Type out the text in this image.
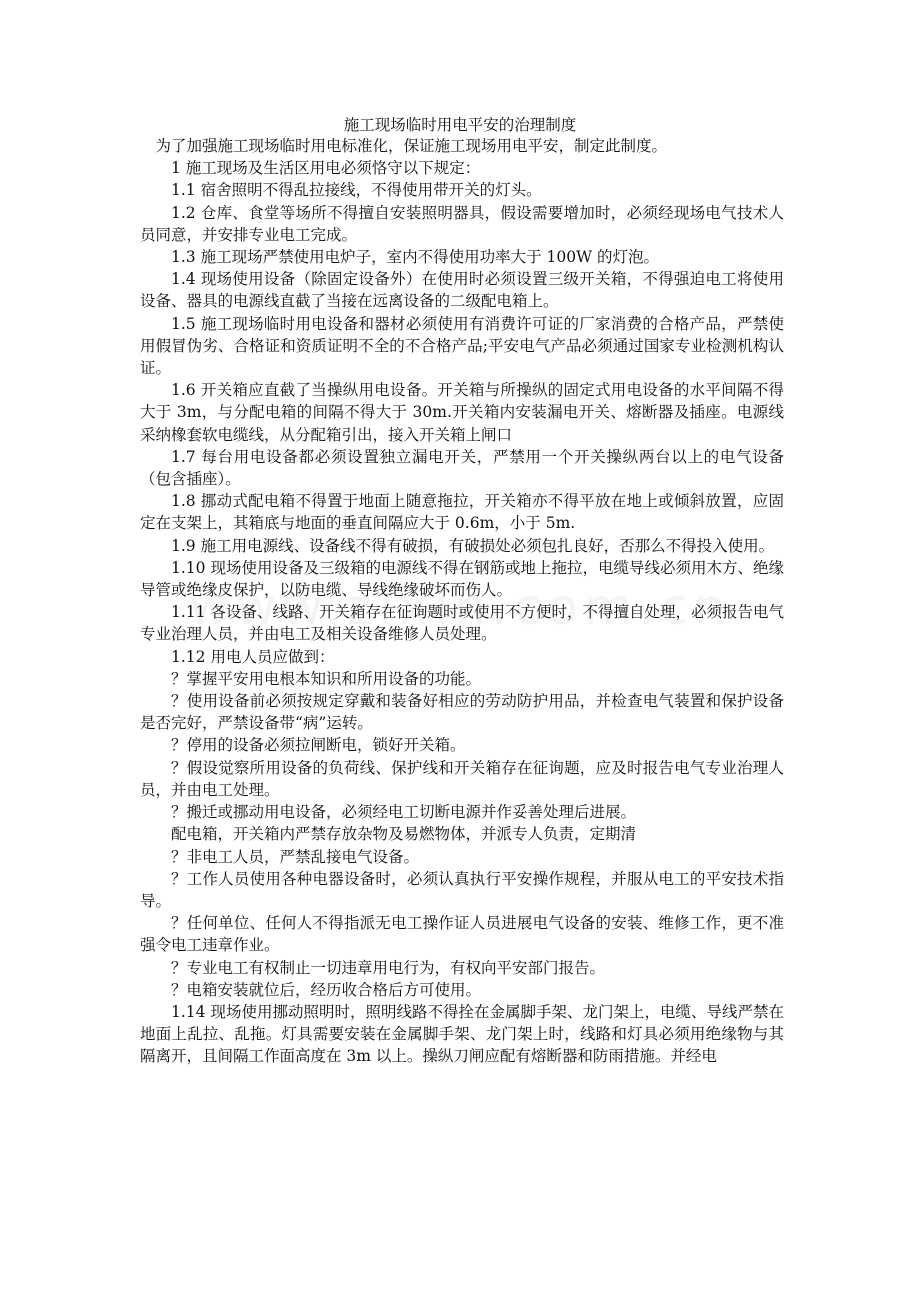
施工现场临时用电平安的治理制度

为了加强施工现场临时用电标准化，保证施工现场用电平安，制定此制度。

1 施工现场及生活区用电必须恪守以下规定：

1.1 宿舍照明不得乱拉接线，不得使用带开关的灯头。

1.2 仓库、食堂等场所不得擅自安装照明器具，假设需要增加时，必须经现场电气技术人员同意，并安排专业电工完成。

1.3 施工现场严禁使用电炉子，室内不得使用功率大于 100W 的灯泡。

1.4 现场使用设备（除固定设备外）在使用时必须设置三级开关箱，不得强迫电工将使用设备、器具的电源线直截了当接在远离设备的二级配电箱上。

1.5 施工现场临时用电设备和器材必须使用有消费许可证的厂家消费的合格产品，严禁使用假冒伪劣、合格证和资质证明不全的不合格产品;平安电气产品必须通过国家专业检测机构认证。

1.6 开关箱应直截了当操纵用电设备。开关箱与所操纵的固定式用电设备的水平间隔不得大于 3m，与分配电箱的间隔不得大于 30m.开关箱内安装漏电开关、熔断器及插座。电源线采纳橡套软电缆线，从分配箱引出，接入开关箱上闸口

1.7 每台用电设备都必须设置独立漏电开关，严禁用一个开关操纵两台以上的电气设备（包含插座）。

1.8 挪动式配电箱不得置于地面上随意拖拉，开关箱亦不得平放在地上或倾斜放置，应固定在支架上，其箱底与地面的垂直间隔应大于 0.6m，小于 5m.

1.9 施工用电源线、设备线不得有破损，有破损处必须包扎良好，否那么不得投入使用。

1.10 现场使用设备及三级箱的电源线不得在钢筋或地上拖拉，电缆导线必须用木方、绝缘导管或绝缘皮保护，以防电缆、导线绝缘破坏而伤人。

1.11 各设备、线路、开关箱存在征询题时或使用不方便时，不得擅自处理，必须报告电气专业治理人员，并由电工及相关设备维修人员处理。

1.12 用电人员应做到：

？掌握平安用电根本知识和所用设备的功能。

？使用设备前必须按规定穿戴和装备好相应的劳动防护用品，并检查电气装置和保护设备是否完好，严禁设备带“病”运转。

？停用的设备必须拉闸断电，锁好开关箱。

？假设觉察所用设备的负荷线、保护线和开关箱存在征询题，应及时报告电气专业治理人员，并由电工处理。

？搬迁或挪动用电设备，必须经电工切断电源并作妥善处理后进展。

配电箱，开关箱内严禁存放杂物及易燃物体，并派专人负责，定期清

？非电工人员，严禁乱接电气设备。

？工作人员使用各种电器设备时，必须认真执行平安操作规程，并服从电工的平安技术指导。

？任何单位、任何人不得指派无电工操作证人员进展电气设备的安装、维修工作，更不准强令电工违章作业。

？专业电工有权制止一切违章用电行为，有权向平安部门报告。

？电箱安装就位后，经历收合格后方可使用。

1.14 现场使用挪动照明时，照明线路不得拴在金属脚手架、龙门架上，电缆、导线严禁在地面上乱拉、乱拖。灯具需要安装在金属脚手架、龙门架上时，线路和灯具必须用绝缘物与其隔离开，且间隔工作面高度在 3m 以上。操纵刀闸应配有熔断器和防雨措施。并经电
